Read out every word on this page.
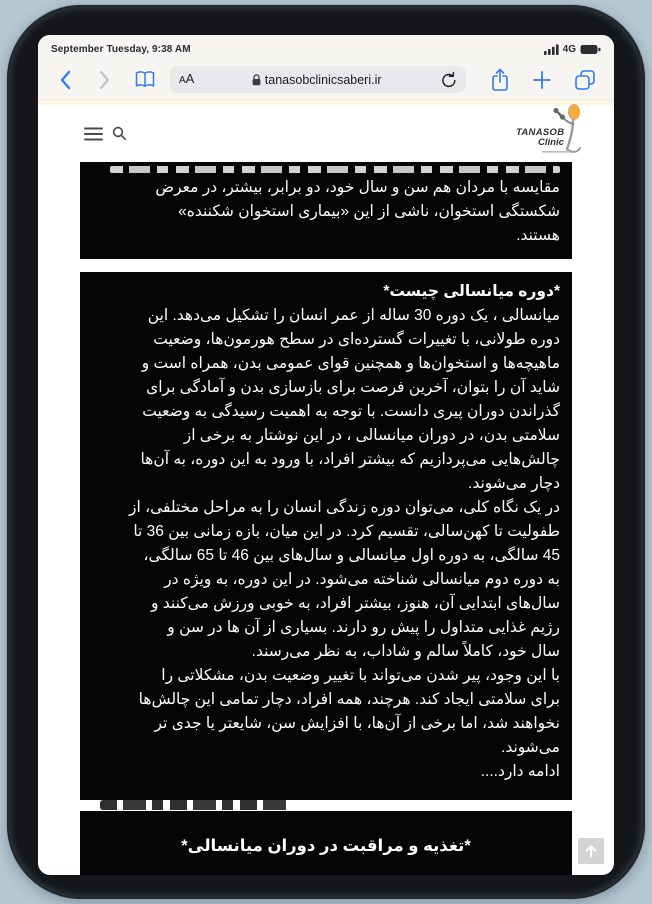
September Tuesday, 9:38 AM	4G
AA	tanasobclinicsaberi.ir
TANASOB
Clinic
مقایسه با مردان هم سن و سال خود، دو برابر، بیشتر، در معرض
شکستگی استخوان، ناشی از این «بیماری استخوان شکننده»
هستند.
*دوره میانسالی چیست*
میانسالی ، یک دوره 30 ساله از عمر انسان را تشکیل می‌دهد. این
دوره طولانی، با تغییرات گسترده‌ای در سطح هورمون‌ها، وضعیت
ماهیچه‌ها و استخوان‌ها و همچنین قوای عمومی بدن، همراه است و
شاید آن را بتوان، آخرین فرصت برای بازسازی بدن و آمادگی برای
گذراندن دوران پیری دانست. با توجه به اهمیت رسیدگی به وضعیت
سلامتی بدن، در دوران میانسالی ، در این نوشتار به برخی از
چالش‌هایی می‌پردازیم که بیشتر افراد، با ورود به این دوره، به آن‌ها
دچار می‌شوند.
در یک نگاه کلی، می‌توان دوره زندگی انسان را به مراحل مختلفی، از
طفولیت تا کهن‌سالی، تقسیم کرد. در این میان، بازه زمانی بین 36 تا
45 سالگی، به دوره اول میانسالی و سال‌های بین 46 تا 65 سالگی،
به دوره دوم میانسالی شناخته می‌شود. در این دوره، به ویژه در
سال‌های ابتدایی آن، هنوز، بیشتر افراد، به خوبی ورزش می‌کنند و
رژیم غذایی متداول را پیش رو دارند. بسیاری از آن ها در سن و
سال خود، کاملاً سالم و شاداب، به نظر می‌رسند.
با این وجود، پیر شدن می‌تواند با تغییر وضعیت بدن، مشکلاتی را
برای سلامتی ایجاد کند. هرچند، همه افراد، دچار تمامی این چالش‌ها
نخواهند شد، اما برخی از آن‌ها، با افزایش سن، شایعتر یا جدی تر
می‌شوند.
ادامه دارد....
*تغذیه و مراقبت در دوران میانسالی*
